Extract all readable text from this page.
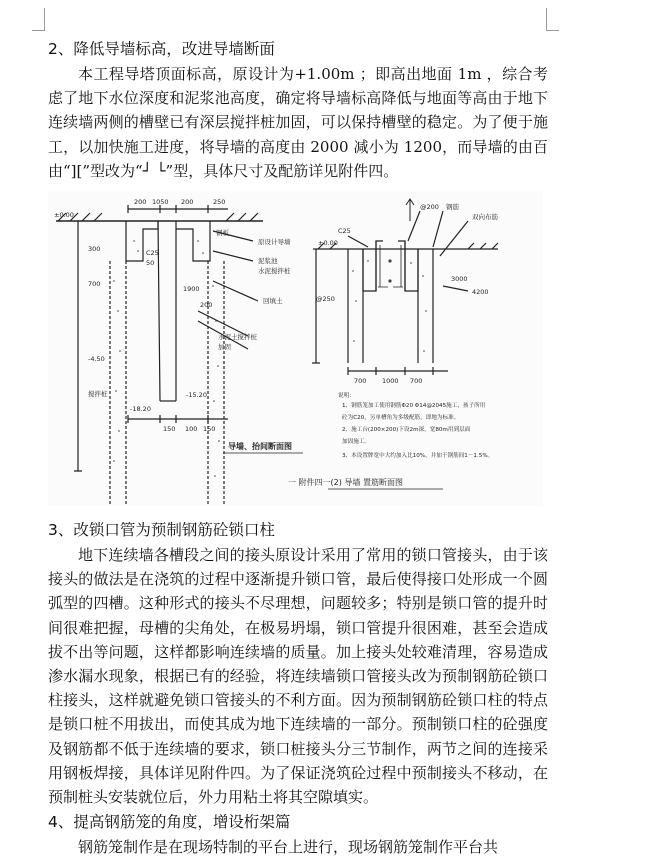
2、降低导墙标高，改进导墙断面

本工程导塔顶面标高，原设计为+1.00m ；即高出地面 1m ，综合考虑了地下水位深度和泥浆池高度，确定将导墙标高降低与地面等高由于地下连续墙两侧的槽壁已有深层搅拌桩加固，可以保持槽壁的稳定。为了便于施工，以加快施工进度，将导墙的高度由 2000 减小为 1200，而导墙的由百由“][”型改为“┘ └”型，具体尺寸及配筋详见附件四。

±0.00
200 1050 200	250
钢板
C25
50
1900
200
原设计导墙
泥浆池
水泥搅拌桩
回填土
水泥土搅拌桩
加固
300
700
-4.50
-18.20
搅拌桩
150 100 150
-15.20
导墙、抬间断面图
C25
@200 钢筋
双向布筋
±0.00
3000
4200
@250
700 1000 700
说明：
1、钢筋笼加工使用钢筋Φ20 Φ14@2045施工，孩子所用
砼为C20，另单槽角为多级配筋，即地为标准。
2、施工台(200×200)下设2m深，宽80m用到层面
加固施工。
3、本设置牌宽中大约加入比10%，并加于钢筋间1－1.5%。
一 附件四一(2) 导墙 置筋断面图
3、改锁口管为预制钢筋砼锁口柱

地下连续墙各槽段之间的接头原设计采用了常用的锁口管接头，由于该接头的做法是在浇筑的过程中逐渐提升锁口管，最后使得接口处形成一个圆弧型的四槽。这种形式的接头不尽理想，问题较多；特别是锁口管的提升时间很难把握，母槽的尖角处，在极易坍塌，锁口管提升很困难，甚至会造成拔不出等问题，这样都影响连续墙的质量。加上接头处较难清理，容易造成渗水漏水现象，根据已有的经验，将连续墙锁口管接头改为预制钢筋砼锁口柱接头，这样就避免锁口管接头的不利方面。因为预制钢筋砼锁口柱的特点是锁口桩不用拔出，而使其成为地下连续墙的一部分。预制锁口柱的砼强度及钢筋都不低于连续墙的要求，锁口桩接头分三节制作，两节之间的连接采用钢板焊接，具体详见附件四。为了保证浇筑砼过程中预制接头不移动，在预制桩头安装就位后，外力用粘土将其空隙填实。

4、提高钢筋笼的角度，增设桁架篇

钢筋笼制作是在现场特制的平台上进行，现场钢筋笼制作平台共
